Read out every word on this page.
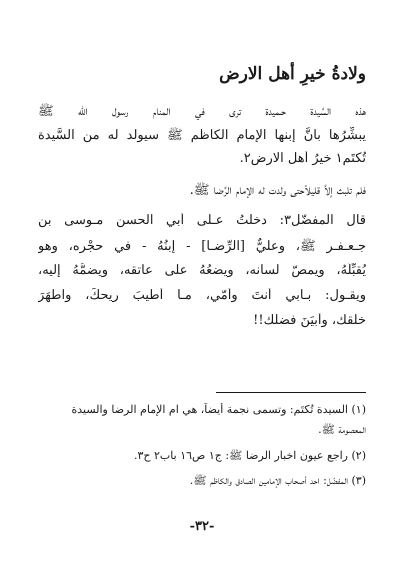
ولادةُ خيرِ أهل الارض
هذه السَّيدة حـميدة ترى في المنام رسول اللّه ﷺ
يبشِّرُها بانَّ إبنها الإمام الكاظم ﷺ سيولد له من السَّيدة
تُكتَم١ خيرُ أهل الارض٢.
فلم تلبث إلاَّ قليلاًحتى ولدت له الإمام الرِّضا ﷺ.
قال المفضّل٣: دخلتُ عـلى أبي الحسن مـوسى بن
جـعـفـر ﷺ، وعليٌّ [الرِّضـا] - إبنُهُ - في حجْره، وهو
يُقبِّلُهُ، ويمصّ لسانه، ويضعُهُ على عاتقه، ويضمُّهُ إليه،
ويقـول: بـابي أنتَ وأمّي، مـا أطيبَ ريحكَ، واطهَرَ
خلقك، وأبيَنَ فضلك!!
(١) السيدة تُكتَم: وتسمى نجمة أيضاً، هي ام الإمام الرضا والسيدة
المعصومة ﷺ.
(٢) راجع عيون اخبار الرضا ﷺ: ج١ ص١٦ باب٢ ح٣.
(٣) المفضّل: احد أصحاب الإمامين الصادق والكاظم ﷺ.
-٣٢-
